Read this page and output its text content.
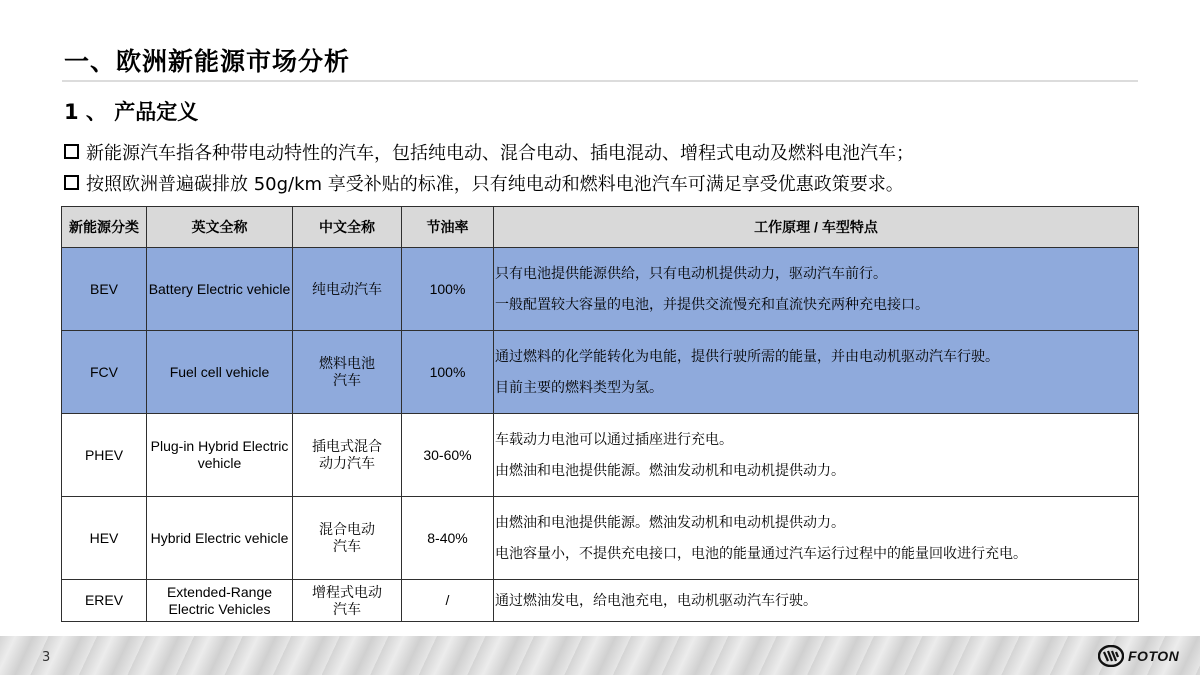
一、欧洲新能源市场分析
1 、 产品定义
新能源汽车指各种带电动特性的汽车，包括纯电动、混合电动、插电混动、增程式电动及燃料电池汽车；
按照欧洲普遍碳排放 50g/km 享受补贴的标准，只有纯电动和燃料电池汽车可满足享受优惠政策要求。
新能源分类	英文全称	中文全称	节油率	工作原理 / 车型特点
BEV	Battery Electric vehicle	纯电动汽车	100%	只有电池提供能源供给，只有电动机提供动力，驱动汽车前行。
一般配置较大容量的电池，并提供交流慢充和直流快充两种充电接口。

FCV	Fuel cell vehicle	燃料电池
汽车	100%	通过燃料的化学能转化为电能，提供行驶所需的能量，并由电动机驱动汽车行驶。
目前主要的燃料类型为氢。

PHEV	Plug-in Hybrid Electric vehicle	插电式混合
动力汽车	30-60%	车载动力电池可以通过插座进行充电。
由燃油和电池提供能源。燃油发动机和电动机提供动力。

HEV	Hybrid Electric vehicle	混合电动
汽车	8-40%	由燃油和电池提供能源。燃油发动机和电动机提供动力。
电池容量小，不提供充电接口，电池的能量通过汽车运行过程中的能量回收进行充电。

EREV	Extended-Range Electric Vehicles	增程式电动
汽车	/	通过燃油发电，给电池充电，电动机驱动汽车行驶。
3	FOTON
